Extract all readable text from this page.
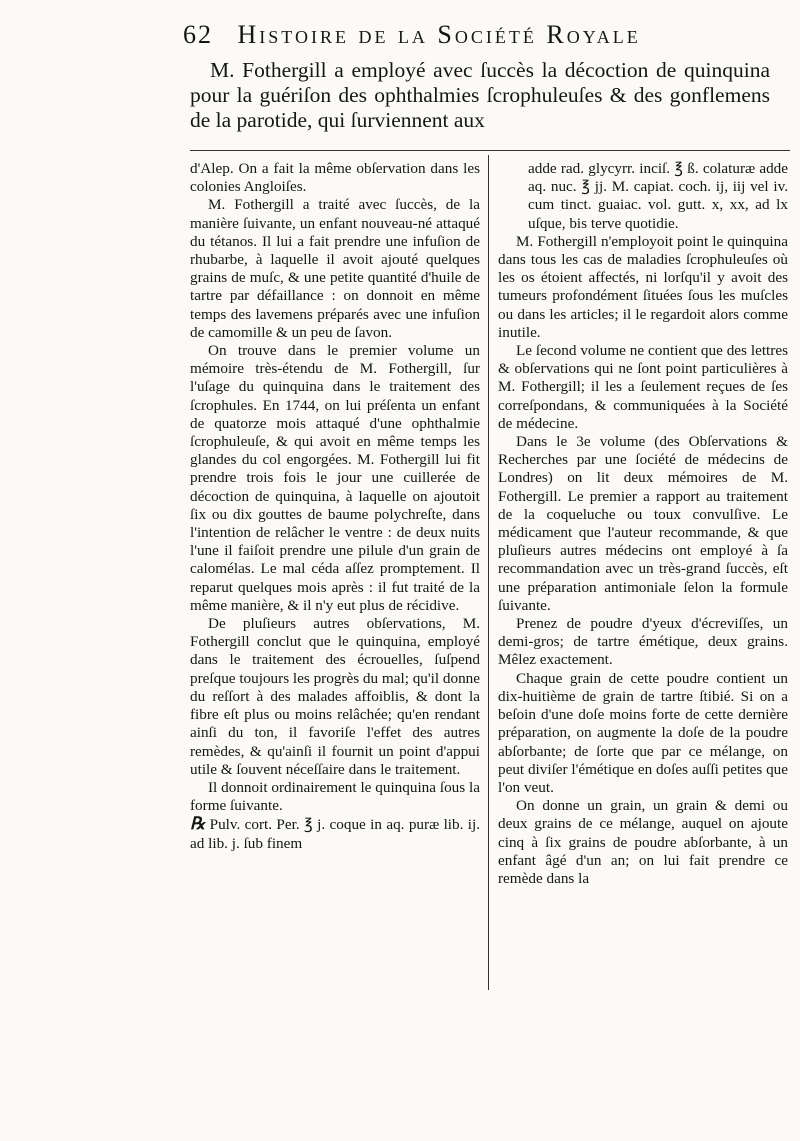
62 Histoire de la Société Royale

M. Fothergill a employé avec ſuccès la décoction de quinquina pour la guériſon des ophthalmies ſcrophuleuſes & des gonflemens de la parotide, qui ſurviennent aux

d'Alep. On a fait la même obſervation dans les colonies Angloiſes.

M. Fothergill a traité avec ſuccès, de la manière ſuivante, un enfant nouveau-né attaqué du tétanos. Il lui a fait prendre une infuſion de rhubarbe, à laquelle il avoit ajouté quelques grains de muſc, & une petite quantité d'huile de tartre par défaillance : on donnoit en même temps des lavemens préparés avec une infuſion de camomille & un peu de ſavon.

On trouve dans le premier volume un mémoire très-étendu de M. Fothergill, ſur l'uſage du quinquina dans le traitement des ſcrophules. En 1744, on lui préſenta un enfant de quatorze mois attaqué d'une ophthalmie ſcrophuleuſe, & qui avoit en même temps les glandes du col engorgées. M. Fothergill lui fit prendre trois fois le jour une cuillerée de décoction de quinquina, à laquelle on ajoutoit ſix ou dix gouttes de baume polychreſte, dans l'intention de relâcher le ventre : de deux nuits l'une il faiſoit prendre une pilule d'un grain de calomélas. Le mal céda aſſez promptement. Il reparut quelques mois après : il fut traité de la même manière, & il n'y eut plus de récidive.

De pluſieurs autres obſervations, M. Fothergill conclut que le quinquina, employé dans le traitement des écrouelles, ſuſpend preſque toujours les progrès du mal; qu'il donne du reſſort à des malades affoiblis, & dont la fibre eſt plus ou moins relâchée; qu'en rendant ainſi du ton, il favoriſe l'effet des autres remèdes, & qu'ainſi il fournit un point d'appui utile & ſouvent néceſſaire dans le traitement.

Il donnoit ordinairement le quinquina ſous la forme ſuivante.

℞ Pulv. cort. Per. ℥ j. coque in aq. puræ lib. ij. ad lib. j. ſub finem

adde rad. glycyrr. inciſ. ℥ ß. colaturæ adde aq. nuc. ℥ jj. M. capiat. coch. ij, iij vel iv. cum tinct. guaiac. vol. gutt. x, xx, ad lx uſque, bis terve quotidie.

M. Fothergill n'employoit point le quinquina dans tous les cas de maladies ſcrophuleuſes où les os étoient affectés, ni lorſqu'il y avoit des tumeurs profondément ſituées ſous les muſcles ou dans les articles; il le regardoit alors comme inutile.

Le ſecond volume ne contient que des lettres & obſervations qui ne ſont point particulières à M. Fothergill; il les a ſeulement reçues de ſes correſpondans, & communiquées à la Société de médecine.

Dans le 3e volume (des Obſervations & Recherches par une ſociété de médecins de Londres) on lit deux mémoires de M. Fothergill. Le premier a rapport au traitement de la coqueluche ou toux convulſive. Le médicament que l'auteur recommande, & que pluſieurs autres médecins ont employé à ſa recommandation avec un très-grand ſuccès, eſt une préparation antimoniale ſelon la formule ſuivante.

Prenez de poudre d'yeux d'écreviſſes, un demi-gros; de tartre émétique, deux grains. Mêlez exactement.

Chaque grain de cette poudre contient un dix-huitième de grain de tartre ſtibié. Si on a beſoin d'une doſe moins forte de cette dernière préparation, on augmente la doſe de la poudre abſorbante; de ſorte que par ce mélange, on peut diviſer l'émétique en doſes auſſi petites que l'on veut.

On donne un grain, un grain & demi ou deux grains de ce mélange, auquel on ajoute cinq à ſix grains de poudre abſorbante, à un enfant âgé d'un an; on lui fait prendre ce remède dans la
